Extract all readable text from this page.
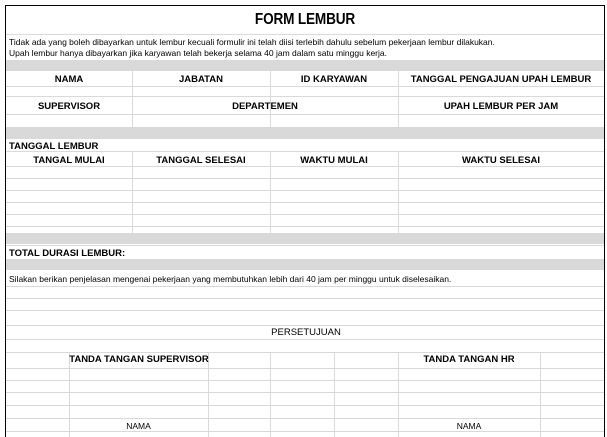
FORM LEMBUR
Tidak ada yang boleh dibayarkan untuk lembur kecuali formulir ini telah diisi terlebih dahulu sebelum pekerjaan lembur dilakukan.
Upah lembur hanya dibayarkan jika karyawan telah bekerja selama 40 jam dalam satu minggu kerja.
NAMA	JABATAN	ID KARYAWAN	TANGGAL PENGAJUAN UPAH LEMBUR
SUPERVISOR	DEPARTEMEN	UPAH LEMBUR PER JAM
TANGGAL LEMBUR
TANGAL MULAI	TANGGAL SELESAI	WAKTU MULAI	WAKTU SELESAI
TOTAL DURASI LEMBUR:
Silakan berikan penjelasan mengenai pekerjaan yang membutuhkan lebih dari 40 jam per minggu untuk diselesaikan.
PERSETUJUAN
TANDA TANGAN SUPERVISOR	TANDA TANGAN HR
NAMA	NAMA
